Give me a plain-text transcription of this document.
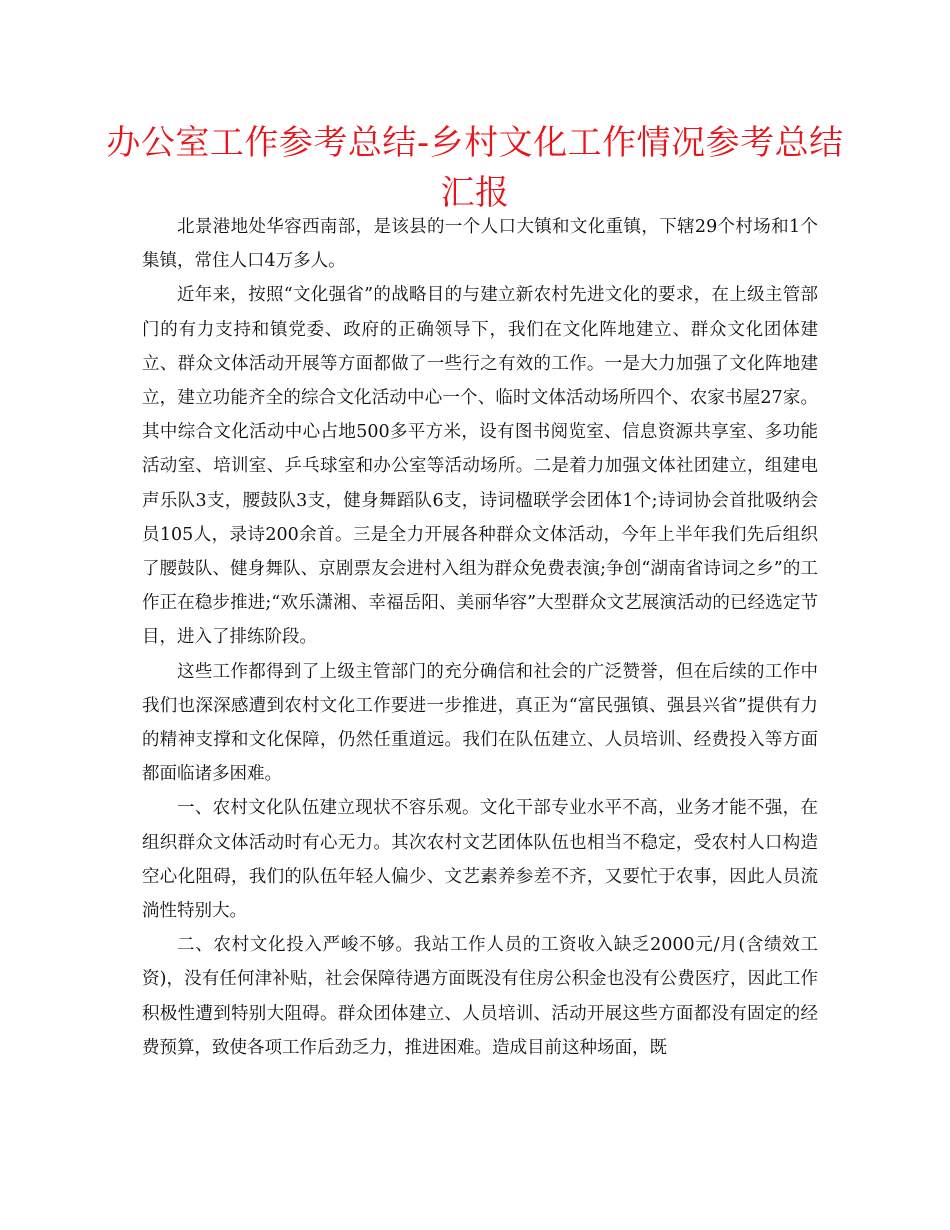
办公室工作参考总结-乡村文化工作情况参考总结汇报

北景港地处华容西南部，是该县的一个人口大镇和文化重镇，下辖29个村场和1个集镇，常住人口4万多人。

近年来，按照“文化强省”的战略目的与建立新农村先进文化的要求，在上级主管部门的有力支持和镇党委、政府的正确领导下，我们在文化阵地建立、群众文化团体建立、群众文体活动开展等方面都做了一些行之有效的工作。一是大力加强了文化阵地建立，建立功能齐全的综合文化活动中心一个、临时文体活动场所四个、农家书屋27家。其中综合文化活动中心占地500多平方米，设有图书阅览室、信息资源共享室、多功能活动室、培训室、乒乓球室和办公室等活动场所。二是着力加强文体社团建立，组建电声乐队3支，腰鼓队3支，健身舞蹈队6支，诗词楹联学会团体1个;诗词协会首批吸纳会员105人，录诗200余首。三是全力开展各种群众文体活动，今年上半年我们先后组织了腰鼓队、健身舞队、京剧票友会进村入组为群众免费表演;争创“湖南省诗词之乡”的工作正在稳步推进;“欢乐潇湘、幸福岳阳、美丽华容”大型群众文艺展演活动的已经选定节目，进入了排练阶段。

这些工作都得到了上级主管部门的充分确信和社会的广泛赞誉，但在后续的工作中我们也深深感遭到农村文化工作要进一步推进，真正为“富民强镇、强县兴省”提供有力的精神支撑和文化保障，仍然任重道远。我们在队伍建立、人员培训、经费投入等方面都面临诸多困难。

一、农村文化队伍建立现状不容乐观。文化干部专业水平不高，业务才能不强，在组织群众文体活动时有心无力。其次农村文艺团体队伍也相当不稳定，受农村人口构造空心化阻碍，我们的队伍年轻人偏少、文艺素养参差不齐，又要忙于农事，因此人员流淌性特别大。

二、农村文化投入严峻不够。我站工作人员的工资收入缺乏2000元/月(含绩效工资)，没有任何津补贴，社会保障待遇方面既没有住房公积金也没有公费医疗，因此工作积极性遭到特别大阻碍。群众团体建立、人员培训、活动开展这些方面都没有固定的经费预算，致使各项工作后劲乏力，推进困难。造成目前这种场面，既
